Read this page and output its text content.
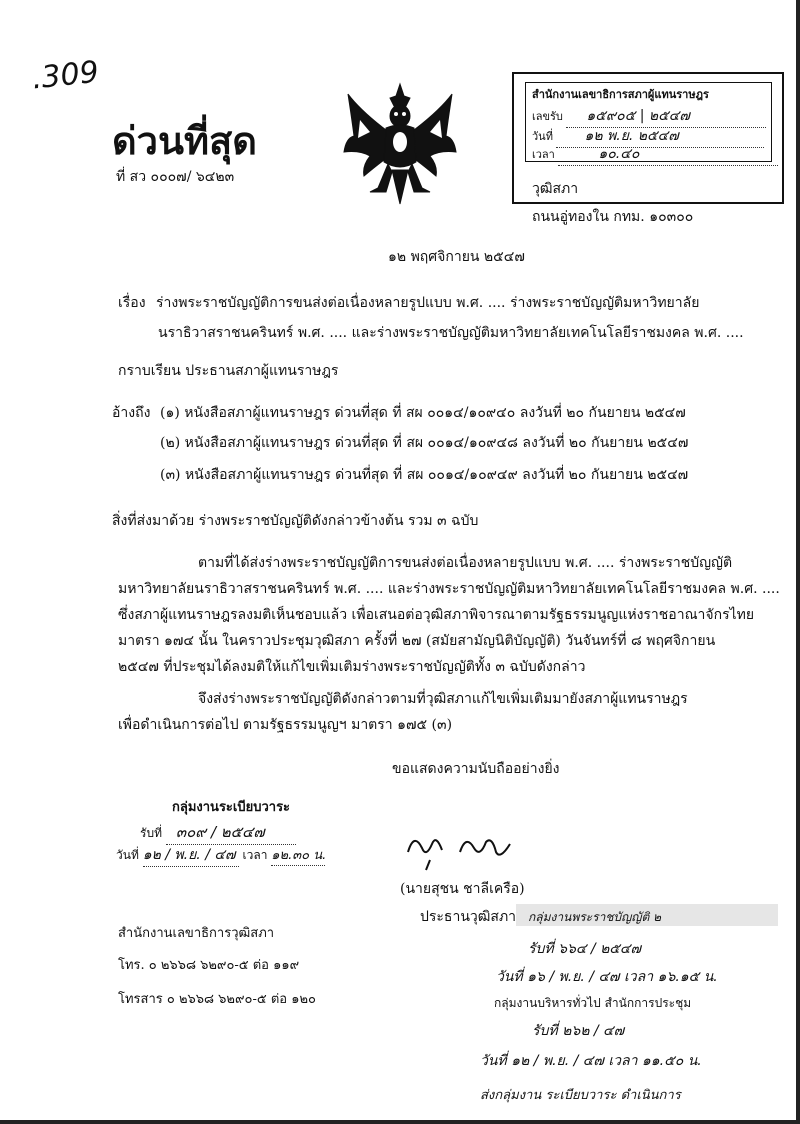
.309
ด่วนที่สุด
ที่ สว ๐๐๐๗/ ๖๔๒๓
สำนักงานเลขาธิการสภาผู้แทนราษฎร
เลขรับ ๑๕๙๐๕ | ๒๕๔๗
วันที่ ๑๒ พ.ย. ๒๕๔๗
เวลา	๑๐.๔๐
วุฒิสภา
ถนนอู่ทองใน กทม. ๑๐๓๐๐
๑๒ พฤศจิกายน ๒๕๔๗
เรื่อง ร่างพระราชบัญญัติการขนส่งต่อเนื่องหลายรูปแบบ พ.ศ. .... ร่างพระราชบัญญัติมหาวิทยาลัย
นราธิวาสราชนครินทร์ พ.ศ. .... และร่างพระราชบัญญัติมหาวิทยาลัยเทคโนโลยีราชมงคล พ.ศ. ....
กราบเรียน ประธานสภาผู้แทนราษฎร
อ้างถึง (๑) หนังสือสภาผู้แทนราษฎร ด่วนที่สุด ที่ สผ ๐๐๑๔/๑๐๙๔๐ ลงวันที่ ๒๐ กันยายน ๒๕๔๗
(๒) หนังสือสภาผู้แทนราษฎร ด่วนที่สุด ที่ สผ ๐๐๑๔/๑๐๙๔๘ ลงวันที่ ๒๐ กันยายน ๒๕๔๗
(๓) หนังสือสภาผู้แทนราษฎร ด่วนที่สุด ที่ สผ ๐๐๑๔/๑๐๙๔๙ ลงวันที่ ๒๐ กันยายน ๒๕๔๗
สิ่งที่ส่งมาด้วย ร่างพระราชบัญญัติดังกล่าวข้างต้น รวม ๓ ฉบับ
ตามที่ได้ส่งร่างพระราชบัญญัติการขนส่งต่อเนื่องหลายรูปแบบ พ.ศ. .... ร่างพระราชบัญญัติ
มหาวิทยาลัยนราธิวาสราชนครินทร์ พ.ศ. .... และร่างพระราชบัญญัติมหาวิทยาลัยเทคโนโลยีราชมงคล พ.ศ. ....
ซึ่งสภาผู้แทนราษฎรลงมติเห็นชอบแล้ว เพื่อเสนอต่อวุฒิสภาพิจารณาตามรัฐธรรมนูญแห่งราชอาณาจักรไทย
มาตรา ๑๗๔ นั้น ในคราวประชุมวุฒิสภา ครั้งที่ ๒๗ (สมัยสามัญนิติบัญญัติ) วันจันทร์ที่ ๘ พฤศจิกายน
๒๕๔๗ ที่ประชุมได้ลงมติให้แก้ไขเพิ่มเติมร่างพระราชบัญญัติทั้ง ๓ ฉบับดังกล่าว
จึงส่งร่างพระราชบัญญัติดังกล่าวตามที่วุฒิสภาแก้ไขเพิ่มเติมมายังสภาผู้แทนราษฎร
เพื่อดำเนินการต่อไป ตามรัฐธรรมนูญฯ มาตรา ๑๗๕ (๓)
ขอแสดงความนับถืออย่างยิ่ง
กลุ่มงานระเบียบวาระ
รับที่ ๓๐๙ / ๒๕๔๗
วันที่ ๑๒ / พ.ย. / ๔๗ เวลา ๑๒.๓๐ น.
(นายสุชน ชาลีเครือ)
ประธานวุฒิสภา
สำนักงานเลขาธิการวุฒิสภา
โทร. ๐ ๒๖๖๘ ๖๒๙๐-๕ ต่อ ๑๑๙
โทรสาร ๐ ๒๖๖๘ ๖๒๙๐-๕ ต่อ ๑๒๐
กลุ่มงานพระราชบัญญัติ ๒
รับที่ ๖๖๔ / ๒๕๔๗
วันที่ ๑๖ / พ.ย. / ๔๗ เวลา ๑๖.๑๕ น.
กลุ่มงานบริหารทั่วไป สำนักการประชุม
รับที่ ๒๖๒ / ๔๗
วันที่ ๑๒ / พ.ย. / ๔๗ เวลา ๑๑.๕๐ น.
ส่งกลุ่มงาน ระเบียบวาระ ดำเนินการ
